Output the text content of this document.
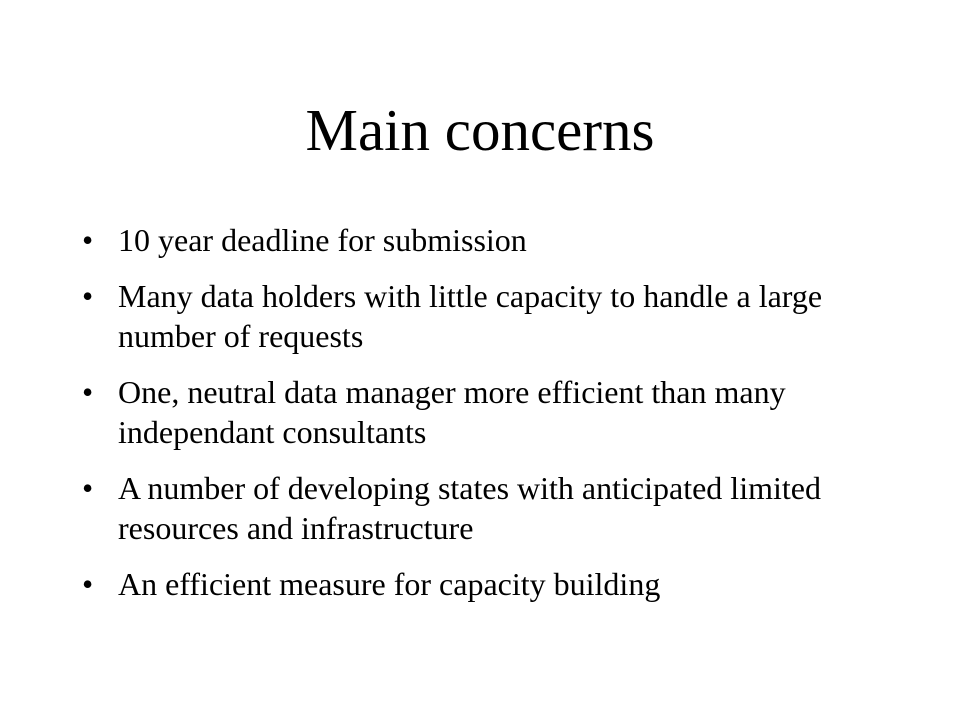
Main concerns
• 10 year deadline for submission
• Many data holders with little capacity to handle a large number of requests
• One, neutral data manager more efficient than many independant consultants
• A number of developing states with anticipated limited resources and infrastructure
• An efficient measure for capacity building
